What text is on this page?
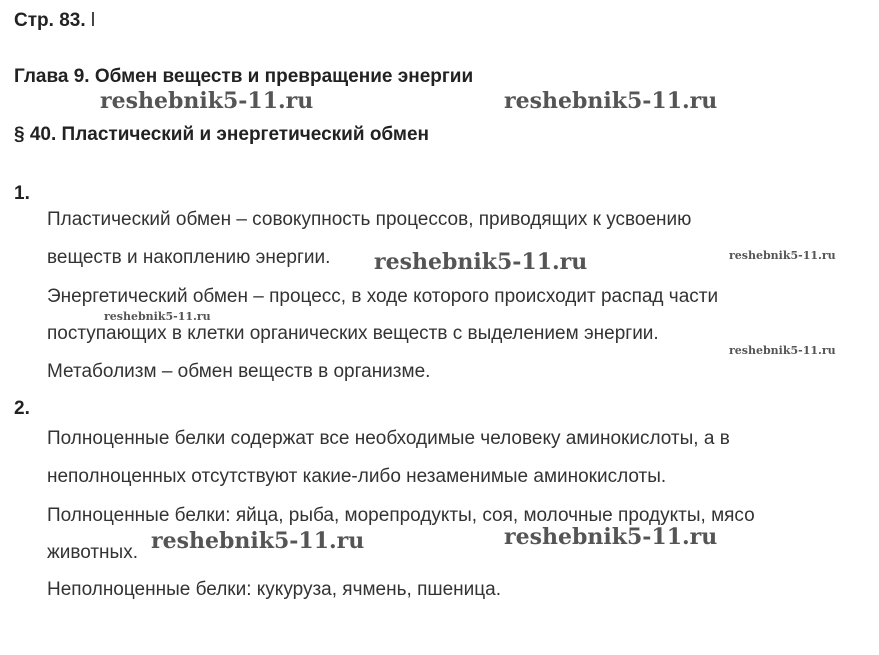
Стр. 83. l
Глава 9. Обмен веществ и превращение энергии
§ 40. Пластический и энергетический обмен
1.
Пластический обмен – совокупность процессов, приводящих к усвоению
веществ и накоплению энергии.
Энергетический обмен – процесс, в ходе которого происходит распад части
поступающих в клетки органических веществ с выделением энергии.
Метаболизм – обмен веществ в организме.
2.
Полноценные белки содержат все необходимые человеку аминокислоты, а в
неполноценных отсутствуют какие-либо незаменимые аминокислоты.
Полноценные белки: яйца, рыба, морепродукты, соя, молочные продукты, мясо
животных.
Неполноценные белки: кукуруза, ячмень, пшеница.
reshebnik5-11.ru	reshebnik5-11.ru
reshebnik5-11.ru	reshebnik5-11.ru
reshebnik5-11.ru
reshebnik5-11.ru
reshebnik5-11.ru	reshebnik5-11.ru
